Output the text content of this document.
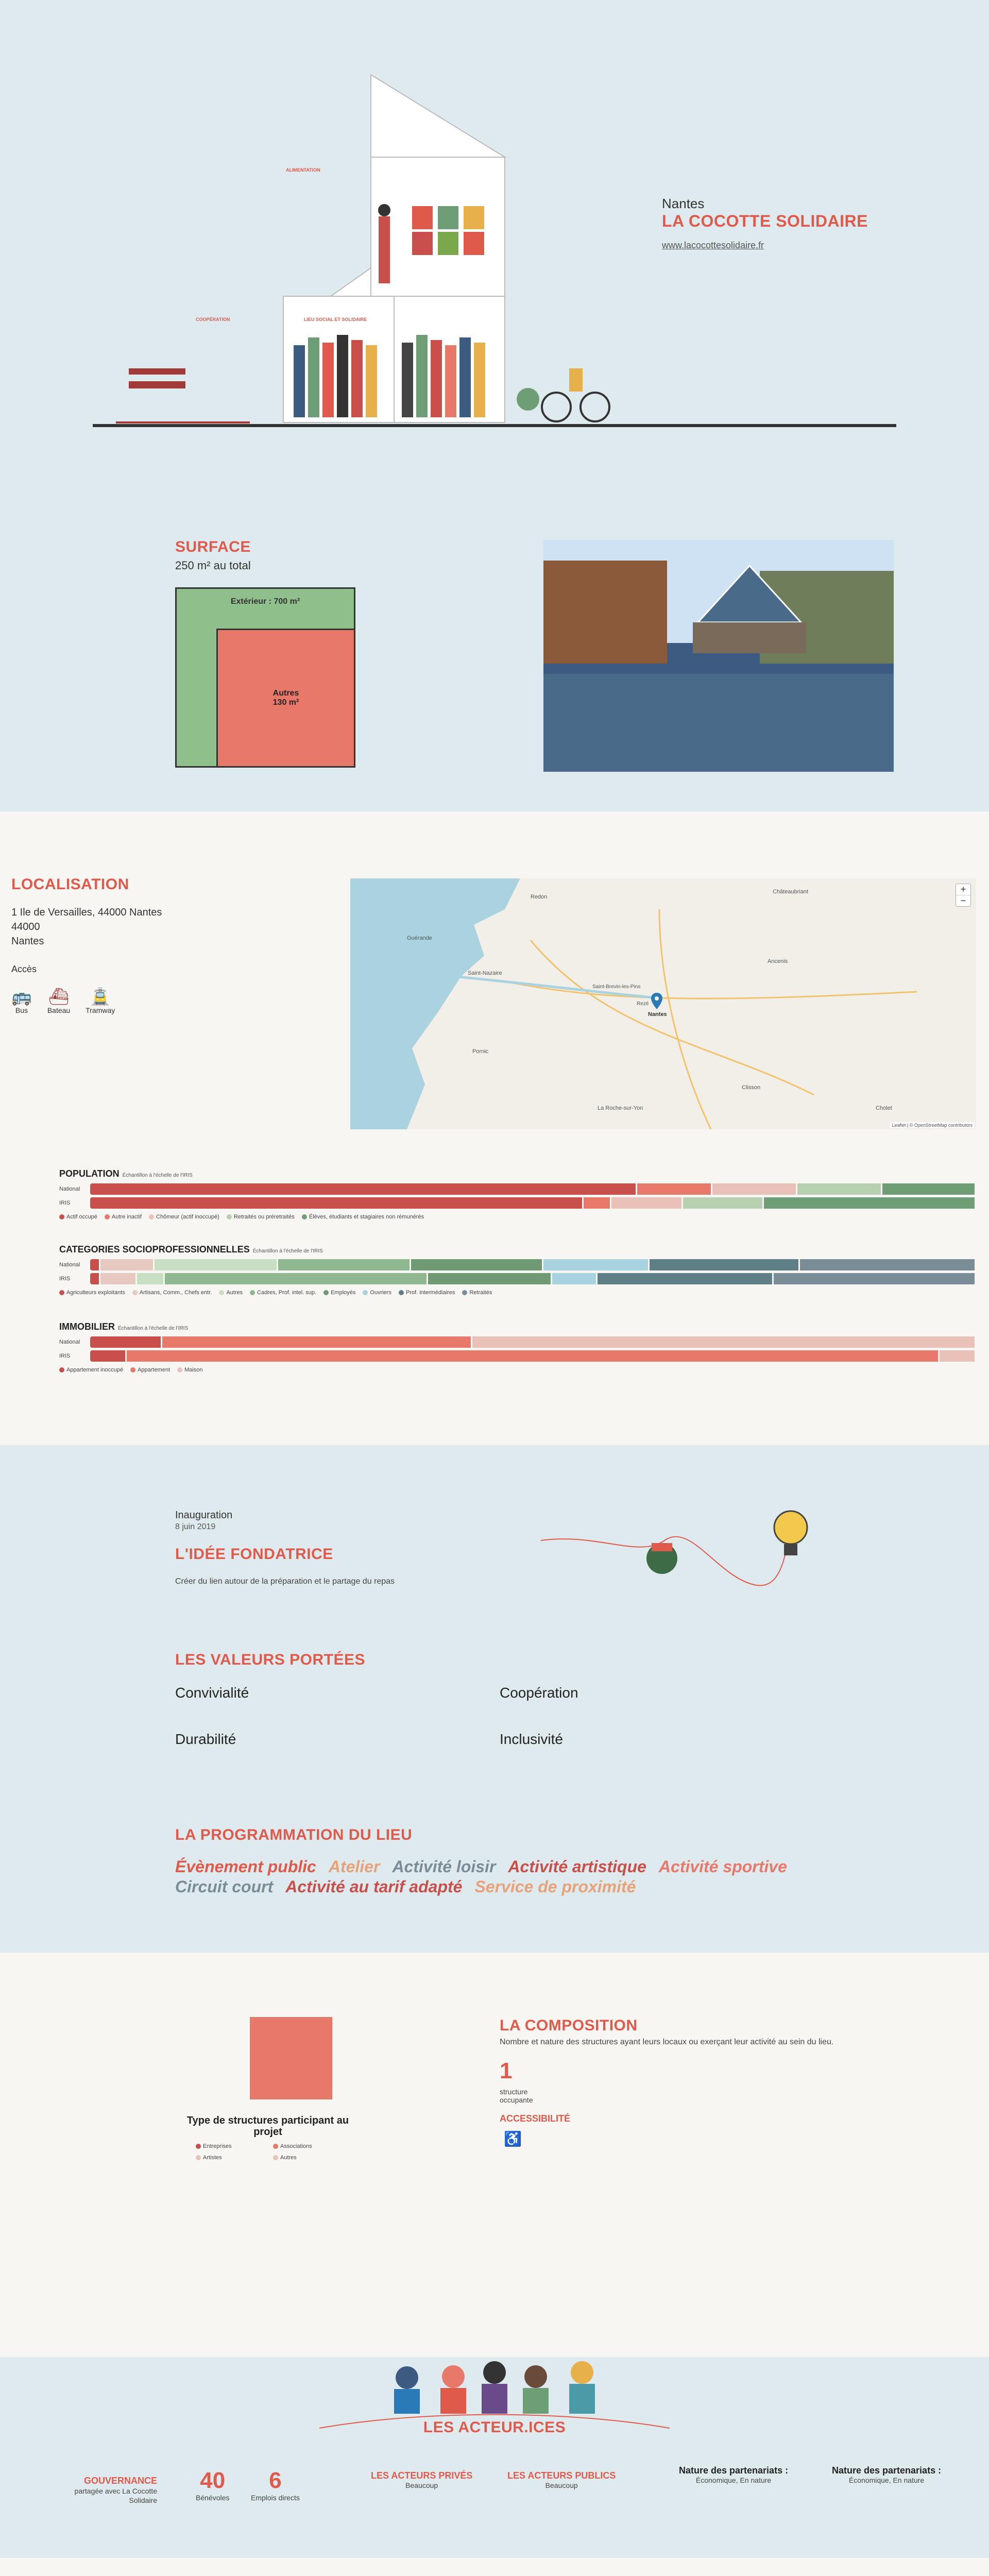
ALIMENTATION
COOPÉRATION	LIEU SOCIAL ET SOLIDAIRE
Nantes
LA COCOTTE SOLIDAIRE
www.lacocottesolidaire.fr
SURFACE
250 m² au total
Extérieur : 700 m²
Autres
130 m²
LOCALISATION
1 Ile de Versailles, 44000 Nantes
44000
Nantes
Accès
🚌
Bus
⛴
Bateau
🚊
Tramway
Saint-Nazaire
Nantes
Rezé
Saint-Brevin-les-Pins
Pornic
Clisson
Ancenis
Châteaubriant
Redon
La Roche-sur-Yon	Cholet
Guérande
+
−
Leaflet | © OpenStreetMap contributors
POPULATION Échantillon à l'échelle de l'IRIS
National
IRIS
Actif occupé	Autre inactif	Chômeur (actif inoccupé)	Retraités ou préretraités	Élèves, étudiants et stagiaires non rémunérés
CATEGORIES SOCIOPROFESSIONNELLES Échantillon à l'échelle de l'IRIS
National
IRIS
Agriculteurs exploitants	Artisans, Comm., Chefs entr.	Autres	Cadres, Prof. intel. sup.	Employés	Ouvriers	Prof. intermédiaires	Retraités
IMMOBILIER Échantillon à l'échelle de l'IRIS
National
IRIS
Appartement inoccupé	Appartement	Maison
Inauguration
8 juin 2019
L'IDÉE FONDATRICE
Créer du lien autour de la préparation et le partage du repas
LES VALEURS PORTÉES
Convivialité	Coopération
Durabilité	Inclusivité
LA PROGRAMMATION DU LIEU
Évènement public Atelier Activité loisir Activité artistique Activité sportive
Circuit court Activité au tarif adapté Service de proximité
Type de structures participant au projet
Entreprises	Associations
Artistes	Autres
LA COMPOSITION
Nombre et nature des structures ayant leurs locaux ou exerçant leur activité au sein du lieu.
1
structure occupante
ACCESSIBILITÉ
♿
LES ACTEUR.ICES
GOUVERNANCE
partagée avec La Cocotte Solidaire
40
Bénévoles
6
Emplois directs
LES ACTEURS PRIVÉS
Beaucoup
LES ACTEURS PUBLICS
Beaucoup
Nature des partenariats :
Économique, En nature
Nature des partenariats :
Économique, En nature
